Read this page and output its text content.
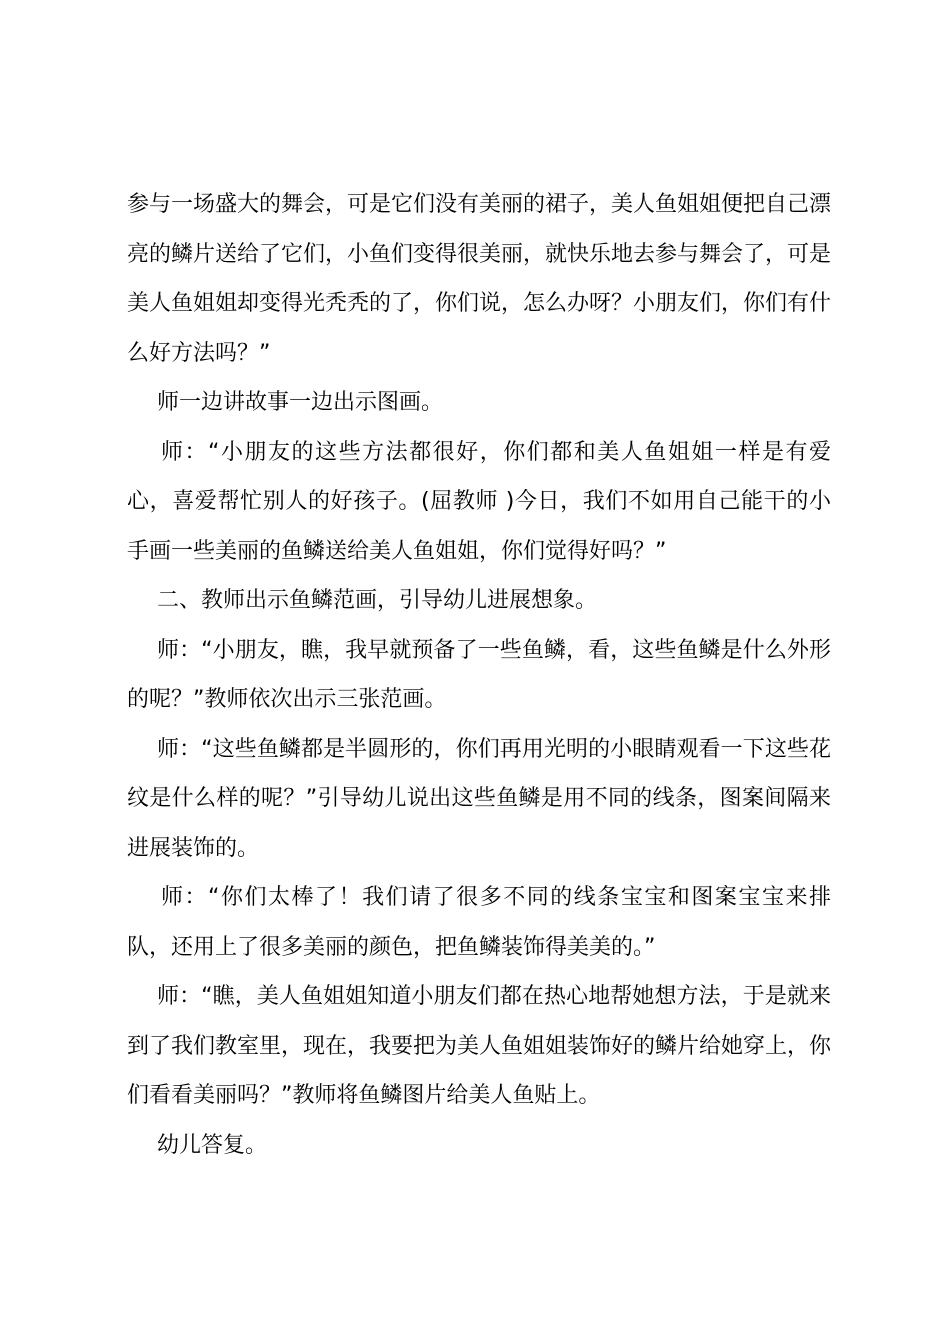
参与一场盛大的舞会，可是它们没有美丽的裙子，美人鱼姐姐便把自己漂亮的鳞片送给了它们，小鱼们变得很美丽，就快乐地去参与舞会了，可是美人鱼姐姐却变得光秃秃的了，你们说，怎么办呀？小朋友们，你们有什么好方法吗？”

师一边讲故事一边出示图画。

师：“小朋友的这些方法都很好，你们都和美人鱼姐姐一样是有爱心，喜爱帮忙别人的好孩子。(屈教师 )今日，我们不如用自己能干的小手画一些美丽的鱼鳞送给美人鱼姐姐，你们觉得好吗？”

二、教师出示鱼鳞范画，引导幼儿进展想象。

师：“小朋友，瞧，我早就预备了一些鱼鳞，看，这些鱼鳞是什么外形的呢？”教师依次出示三张范画。

师：“这些鱼鳞都是半圆形的，你们再用光明的小眼睛观看一下这些花纹是什么样的呢？”引导幼儿说出这些鱼鳞是用不同的线条，图案间隔来进展装饰的。

师：“你们太棒了！我们请了很多不同的线条宝宝和图案宝宝来排队，还用上了很多美丽的颜色，把鱼鳞装饰得美美的。”

师：“瞧，美人鱼姐姐知道小朋友们都在热心地帮她想方法，于是就来到了我们教室里，现在，我要把为美人鱼姐姐装饰好的鳞片给她穿上，你们看看美丽吗？”教师将鱼鳞图片给美人鱼贴上。

幼儿答复。
